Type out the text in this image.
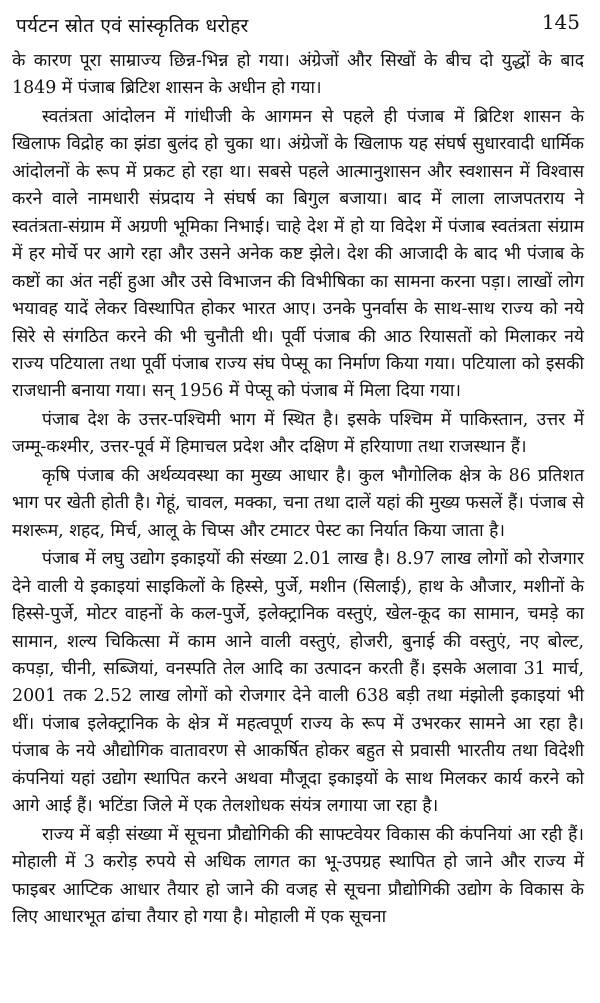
पर्यटन स्रोत एवं सांस्कृतिक धरोहर	145

के कारण पूरा साम्राज्य छिन्न-भिन्न हो गया। अंग्रेजों और सिखों के बीच दो युद्धों के बाद 1849 में पंजाब ब्रिटिश शासन के अधीन हो गया।

स्वतंत्रता आंदोलन में गांधीजी के आगमन से पहले ही पंजाब में ब्रिटिश शासन के खिलाफ विद्रोह का झंडा बुलंद हो चुका था। अंग्रेजों के खिलाफ यह संघर्ष सुधारवादी धार्मिक आंदोलनों के रूप में प्रकट हो रहा था। सबसे पहले आत्मानुशासन और स्वशासन में विश्वास करने वाले नामधारी संप्रदाय ने संघर्ष का बिगुल बजाया। बाद में लाला लाजपतराय ने स्वतंत्रता-संग्राम में अग्रणी भूमिका निभाई। चाहे देश में हो या विदेश में पंजाब स्वतंत्रता संग्राम में हर मोर्चे पर आगे रहा और उसने अनेक कष्ट झेले। देश की आजादी के बाद भी पंजाब के कष्टों का अंत नहीं हुआ और उसे विभाजन की विभीषिका का सामना करना पड़ा। लाखों लोग भयावह यादें लेकर विस्थापित होकर भारत आए। उनके पुनर्वास के साथ-साथ राज्य को नये सिरे से संगठित करने की भी चुनौती थी। पूर्वी पंजाब की आठ रियासतों को मिलाकर नये राज्य पटियाला तथा पूर्वी पंजाब राज्य संघ पेप्सू का निर्माण किया गया। पटियाला को इसकी राजधानी बनाया गया। सन् 1956 में पेप्सू को पंजाब में मिला दिया गया।

पंजाब देश के उत्तर-पश्चिमी भाग में स्थित है। इसके पश्चिम में पाकिस्तान, उत्तर में जम्मू-कश्मीर, उत्तर-पूर्व में हिमाचल प्रदेश और दक्षिण में हरियाणा तथा राजस्थान हैं।

कृषि पंजाब की अर्थव्यवस्था का मुख्य आधार है। कुल भौगोलिक क्षेत्र के 86 प्रतिशत भाग पर खेती होती है। गेहूं, चावल, मक्का, चना तथा दालें यहां की मुख्य फसलें हैं। पंजाब से मशरूम, शहद, मिर्च, आलू के चिप्स और टमाटर पेस्ट का निर्यात किया जाता है।

पंजाब में लघु उद्योग इकाइयों की संख्या 2.01 लाख है। 8.97 लाख लोगों को रोजगार देने वाली ये इकाइयां साइकिलों के हिस्से, पुर्जे, मशीन (सिलाई), हाथ के औजार, मशीनों के हिस्से-पुर्जे, मोटर वाहनों के कल-पुर्जे, इलेक्ट्रानिक वस्तुएं, खेल-कूद का सामान, चमड़े का सामान, शल्य चिकित्सा में काम आने वाली वस्तुएं, होजरी, बुनाई की वस्तुएं, नए बोल्ट, कपड़ा, चीनी, सब्जियां, वनस्पति तेल आदि का उत्पादन करती हैं। इसके अलावा 31 मार्च, 2001 तक 2.52 लाख लोगों को रोजगार देने वाली 638 बड़ी तथा मंझोली इकाइयां भी थीं। पंजाब इलेक्ट्रानिक के क्षेत्र में महत्वपूर्ण राज्य के रूप में उभरकर सामने आ रहा है। पंजाब के नये औद्योगिक वातावरण से आकर्षित होकर बहुत से प्रवासी भारतीय तथा विदेशी कंपनियां यहां उद्योग स्थापित करने अथवा मौजूदा इकाइयों के साथ मिलकर कार्य करने को आगे आई हैं। भटिंडा जिले में एक तेलशोधक संयंत्र लगाया जा रहा है।

राज्य में बड़ी संख्या में सूचना प्रौद्योगिकी की साफ्टवेयर विकास की कंपनियां आ रही हैं। मोहाली में 3 करोड़ रुपये से अधिक लागत का भू-उपग्रह स्थापित हो जाने और राज्य में फाइबर आप्टिक आधार तैयार हो जाने की वजह से सूचना प्रौद्योगिकी उद्योग के विकास के लिए आधारभूत ढांचा तैयार हो गया है। मोहाली में एक सूचना
